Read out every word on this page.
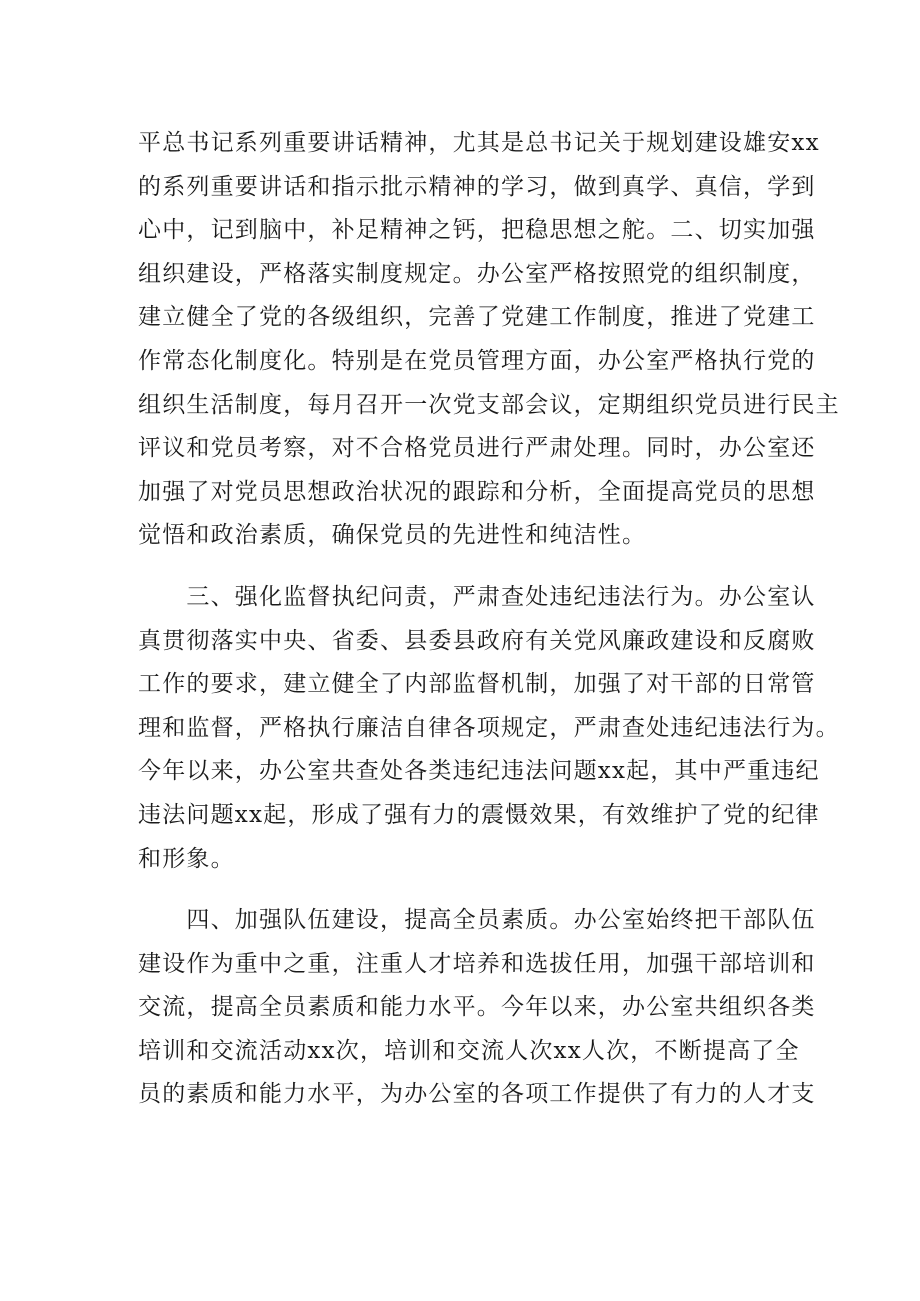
平总书记系列重要讲话精神，尤其是总书记关于规划建设雄安xx
的系列重要讲话和指示批示精神的学习，做到真学、真信，学到
心中，记到脑中，补足精神之钙，把稳思想之舵。二、切实加强
组织建设，严格落实制度规定。办公室严格按照党的组织制度，
建立健全了党的各级组织，完善了党建工作制度，推进了党建工
作常态化制度化。特别是在党员管理方面，办公室严格执行党的
组织生活制度，每月召开一次党支部会议，定期组织党员进行民主
评议和党员考察，对不合格党员进行严肃处理。同时，办公室还
加强了对党员思想政治状况的跟踪和分析，全面提高党员的思想
觉悟和政治素质，确保党员的先进性和纯洁性。
　　三、强化监督执纪问责，严肃查处违纪违法行为。办公室认
真贯彻落实中央、省委、县委县政府有关党风廉政建设和反腐败
工作的要求，建立健全了内部监督机制，加强了对干部的日常管
理和监督，严格执行廉洁自律各项规定，严肃查处违纪违法行为。
今年以来，办公室共查处各类违纪违法问题xx起，其中严重违纪
违法问题xx起，形成了强有力的震慑效果，有效维护了党的纪律
和形象。
　　四、加强队伍建设，提高全员素质。办公室始终把干部队伍
建设作为重中之重，注重人才培养和选拔任用，加强干部培训和
交流，提高全员素质和能力水平。今年以来，办公室共组织各类
培训和交流活动xx次，培训和交流人次xx人次，不断提高了全
员的素质和能力水平，为办公室的各项工作提供了有力的人才支
